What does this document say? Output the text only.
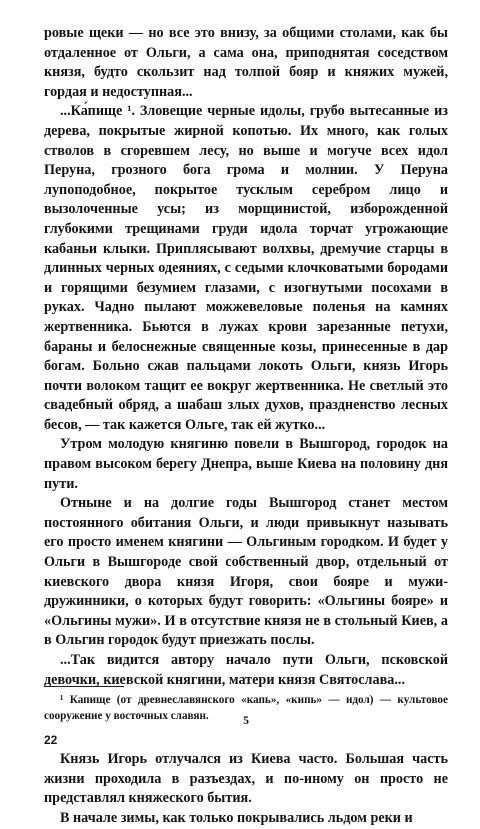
ровые щеки — но все это внизу, за общими столами, как бы отдаленное от Ольги, а сама она, приподнятая соседством князя, будто скользит над толпой бояр и княжих мужей, гордая и недоступная...

...Ка́пище ¹. Зловещие черные идолы, грубо вытесанные из дерева, покрытые жирной копотью. Их много, как голых стволов в сгоревшем лесу, но выше и могуче всех идол Перуна, грозного бога грома и молнии. У Перуна лупоподобное, покрытое тусклым серебром лицо и вызолоченные усы; из морщинистой, изборожденной глубокими трещинами груди идола торчат угрожающие кабаньи клыки. Приплясывают волхвы, дремучие старцы в длинных черных одеяниях, с седыми клочковатыми бородами и горящими безумием глазами, с изогнутыми посохами в руках. Чадно пылают можжевеловые поленья на камнях жертвенника. Бьются в лужах крови зарезанные петухи, бараны и белоснежные священные козы, принесенные в дар богам. Больно сжав пальцами локоть Ольги, князь Игорь почти волоком тащит ее вокруг жертвенника. Не светлый это свадебный обряд, а шабаш злых духов, праздненство лесных бесов, — так кажется Ольге, так ей жутко...

Утром молодую княгиню повели в Вышгород, городок на правом высоком берегу Днепра, выше Киева на половину дня пути.

Отныне и на долгие годы Вышгород станет местом постоянного обитания Ольги, и люди привыкнут называть его просто именем княгини — Ольгиным городком. И будет у Ольги в Вышгороде свой собственный двор, отдельный от киевского двора князя Игоря, свои бояре и мужи-дружинники, о которых будут говорить: «Ольгины бояре» и «Ольгины мужи». И в отсутствие князя не в стольный Киев, а в Ольгин городок будут приезжать послы.

...Так видится автору начало пути Ольги, псковской девочки, киевской княгини, матери князя Святослава...

5

Князь Игорь отлучался из Киева часто. Большая часть жизни проходила в разъездах, и по-иному он просто не представлял княжеского бытия.

В начале зимы, как только покрывались льдом реки и

¹ Капище (от древнеславянского «капь», «кипь» — идол) — культовое сооружение у восточных славян.
22
